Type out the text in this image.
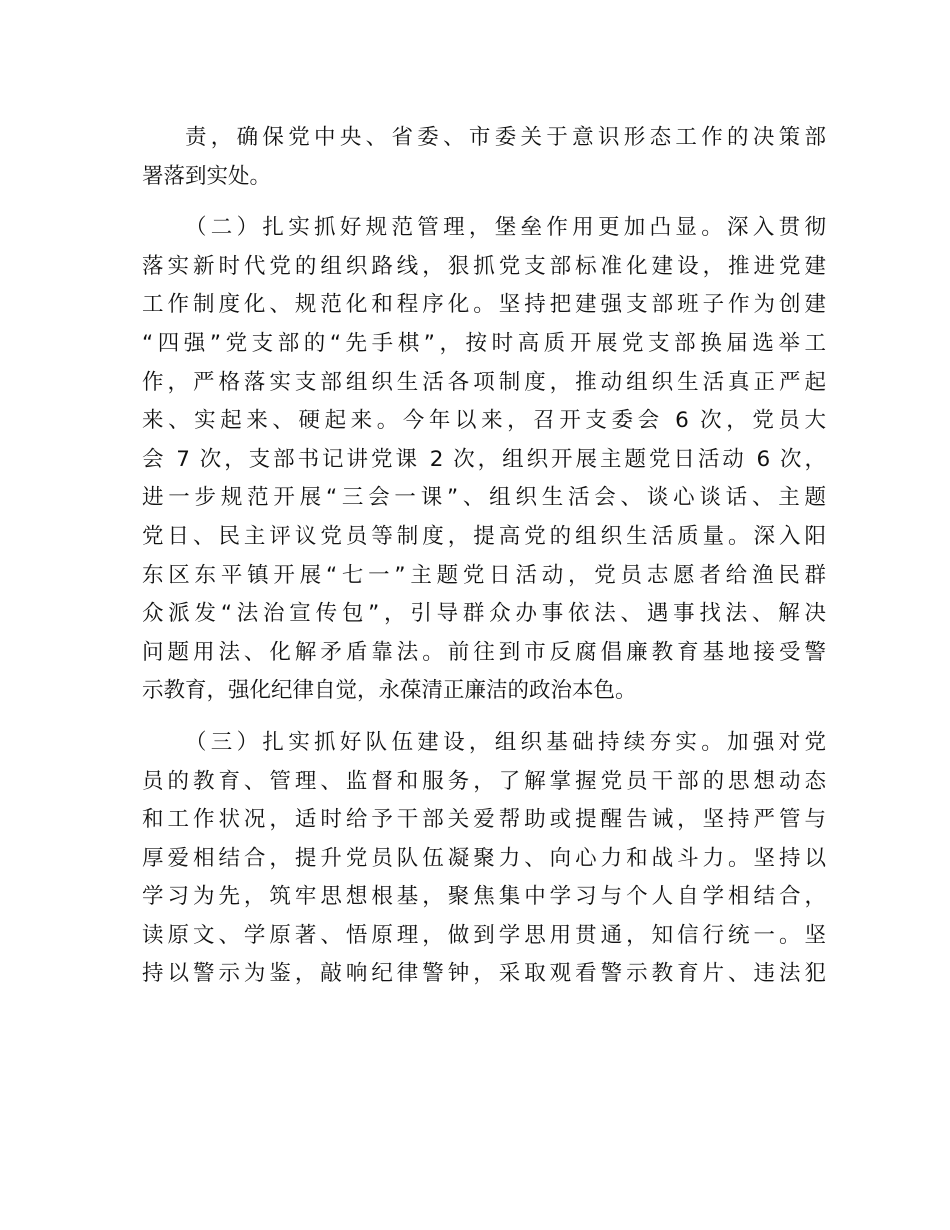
责，确保党中央、省委、市委关于意识形态工作的决策部
署落到实处。
（二）扎实抓好规范管理，堡垒作用更加凸显。深入贯彻
落实新时代党的组织路线，狠抓党支部标准化建设，推进党建
工作制度化、规范化和程序化。坚持把建强支部班子作为创建
“四强”党支部的“先手棋”，按时高质开展党支部换届选举工
作，严格落实支部组织生活各项制度，推动组织生活真正严起
来、实起来、硬起来。今年以来，召开支委会 6 次，党员大
会 7 次，支部书记讲党课 2 次，组织开展主题党日活动 6 次，
进一步规范开展“三会一课”、组织生活会、谈心谈话、主题
党日、民主评议党员等制度，提高党的组织生活质量。深入阳
东区东平镇开展“七一”主题党日活动，党员志愿者给渔民群
众派发“法治宣传包”，引导群众办事依法、遇事找法、解决
问题用法、化解矛盾靠法。前往到市反腐倡廉教育基地接受警
示教育，强化纪律自觉，永葆清正廉洁的政治本色。
（三）扎实抓好队伍建设，组织基础持续夯实。加强对党
员的教育、管理、监督和服务，了解掌握党员干部的思想动态
和工作状况，适时给予干部关爱帮助或提醒告诫，坚持严管与
厚爱相结合，提升党员队伍凝聚力、向心力和战斗力。坚持以
学习为先，筑牢思想根基，聚焦集中学习与个人自学相结合，
读原文、学原著、悟原理，做到学思用贯通，知信行统一。坚
持以警示为鉴，敲响纪律警钟，采取观看警示教育片、违法犯
